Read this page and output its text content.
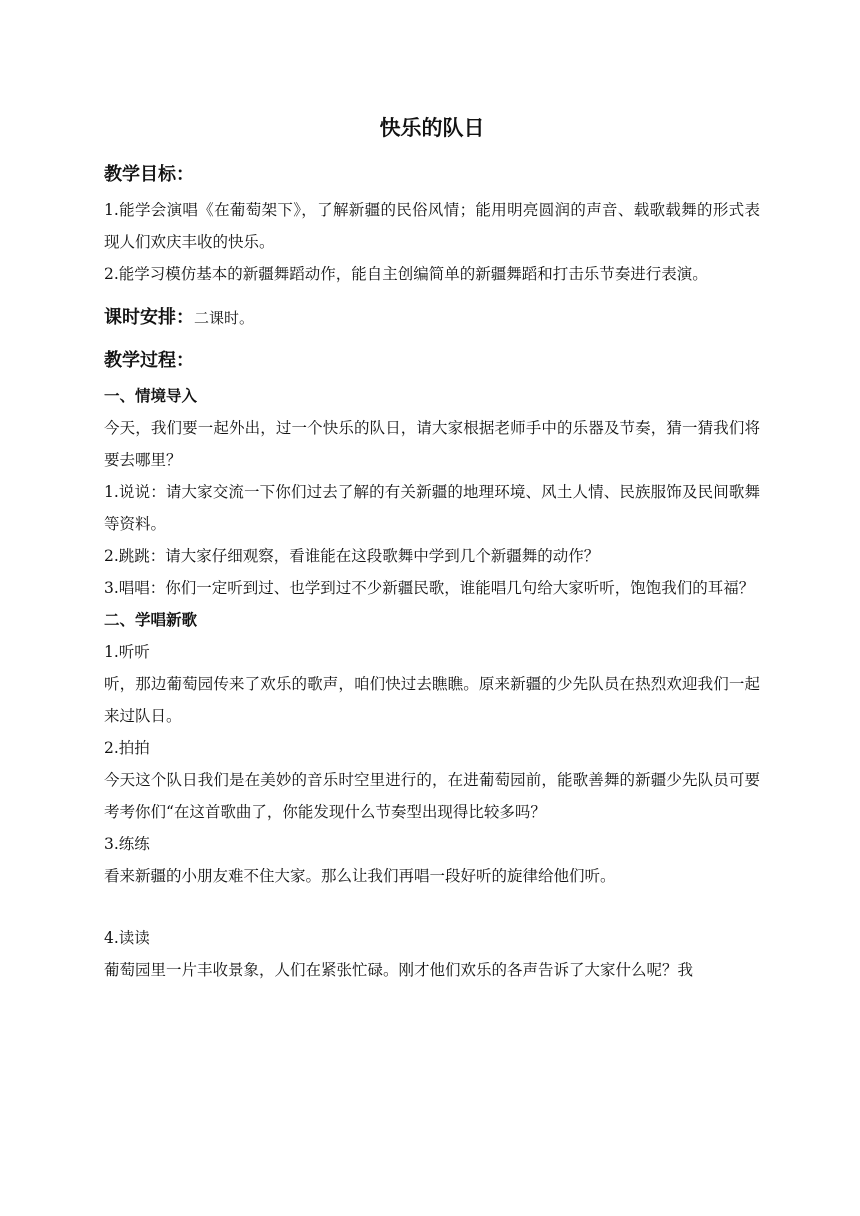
快乐的队日
教学目标：

1.能学会演唱《在葡萄架下》，了解新疆的民俗风情；能用明亮圆润的声音、载歌载舞的形式表现人们欢庆丰收的快乐。

2.能学习模仿基本的新疆舞蹈动作，能自主创编简单的新疆舞蹈和打击乐节奏进行表演。

课时安排：二课时。
教学过程：
一、情境导入

今天，我们要一起外出，过一个快乐的队日，请大家根据老师手中的乐器及节奏，猜一猜我们将要去哪里？

1.说说：请大家交流一下你们过去了解的有关新疆的地理环境、风土人情、民族服饰及民间歌舞等资料。

2.跳跳：请大家仔细观察，看谁能在这段歌舞中学到几个新疆舞的动作？

3.唱唱：你们一定听到过、也学到过不少新疆民歌，谁能唱几句给大家听听，饱饱我们的耳福？

二、学唱新歌

1.听听

听，那边葡萄园传来了欢乐的歌声，咱们快过去瞧瞧。原来新疆的少先队员在热烈欢迎我们一起来过队日。

2.拍拍

今天这个队日我们是在美妙的音乐时空里进行的，在进葡萄园前，能歌善舞的新疆少先队员可要考考你们“在这首歌曲了，你能发现什么节奏型出现得比较多吗？

3.练练

看来新疆的小朋友难不住大家。那么让我们再唱一段好听的旋律给他们听。

4.读读

葡萄园里一片丰收景象，人们在紧张忙碌。刚才他们欢乐的各声告诉了大家什么呢？我
